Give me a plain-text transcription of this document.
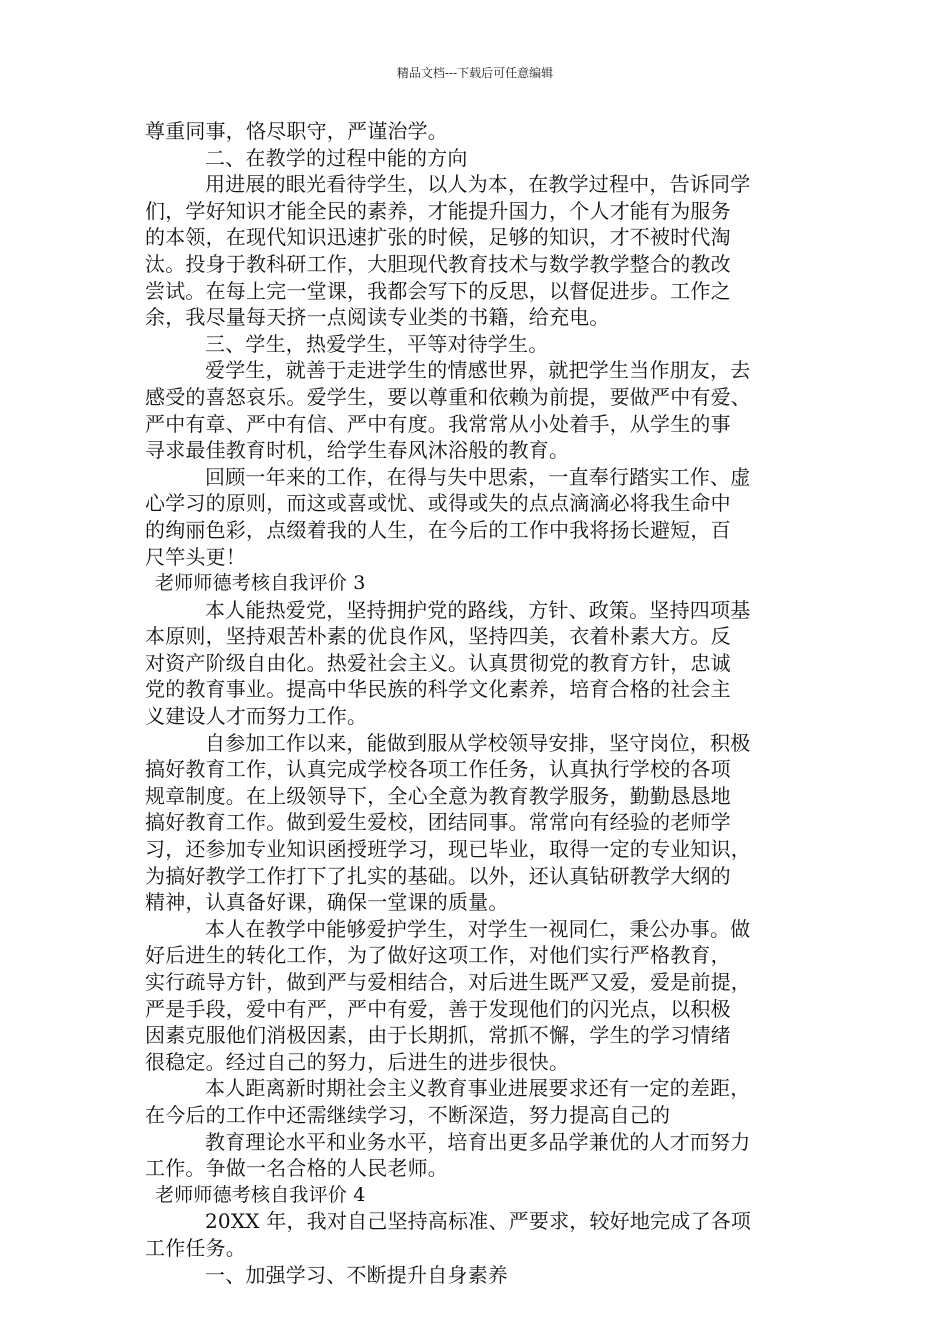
精品文档---下载后可任意编辑
尊重同事，恪尽职守，严谨治学。
二、在教学的过程中能的方向
用进展的眼光看待学生，以人为本，在教学过程中，告诉同学
们，学好知识才能全民的素养，才能提升国力，个人才能有为服务
的本领，在现代知识迅速扩张的时候，足够的知识，才不被时代淘
汰。投身于教科研工作，大胆现代教育技术与数学教学整合的教改
尝试。在每上完一堂课，我都会写下的反思，以督促进步。工作之
余，我尽量每天挤一点阅读专业类的书籍，给充电。
三、学生，热爱学生，平等对待学生。
爱学生，就善于走进学生的情感世界，就把学生当作朋友，去
感受的喜怒哀乐。爱学生，要以尊重和依赖为前提，要做严中有爱、
严中有章、严中有信、严中有度。我常常从小处着手，从学生的事
寻求最佳教育时机，给学生春风沐浴般的教育。
回顾一年来的工作，在得与失中思索，一直奉行踏实工作、虚
心学习的原则，而这或喜或忧、或得或失的点点滴滴必将我生命中
的绚丽色彩，点缀着我的人生，在今后的工作中我将扬长避短，百
尺竿头更！
老师师德考核自我评价 3
本人能热爱党，坚持拥护党的路线，方针、政策。坚持四项基
本原则，坚持艰苦朴素的优良作风，坚持四美，衣着朴素大方。反
对资产阶级自由化。热爱社会主义。认真贯彻党的教育方针，忠诚
党的教育事业。提高中华民族的科学文化素养，培育合格的社会主
义建设人才而努力工作。
自参加工作以来，能做到服从学校领导安排，坚守岗位，积极
搞好教育工作，认真完成学校各项工作任务，认真执行学校的各项
规章制度。在上级领导下，全心全意为教育教学服务，勤勤恳恳地
搞好教育工作。做到爱生爱校，团结同事。常常向有经验的老师学
习，还参加专业知识函授班学习，现已毕业，取得一定的专业知识，
为搞好教学工作打下了扎实的基础。以外，还认真钻研教学大纲的
精神，认真备好课，确保一堂课的质量。
本人在教学中能够爱护学生，对学生一视同仁，秉公办事。做
好后进生的转化工作，为了做好这项工作，对他们实行严格教育，
实行疏导方针，做到严与爱相结合，对后进生既严又爱，爱是前提，
严是手段，爱中有严，严中有爱，善于发现他们的闪光点，以积极
因素克服他们消极因素，由于长期抓，常抓不懈，学生的学习情绪
很稳定。经过自己的努力，后进生的进步很快。
本人距离新时期社会主义教育事业进展要求还有一定的差距，
在今后的工作中还需继续学习，不断深造，努力提高自己的
教育理论水平和业务水平，培育出更多品学兼优的人才而努力
工作。争做一名合格的人民老师。
老师师德考核自我评价 4
20XX 年，我对自己坚持高标准、严要求，较好地完成了各项
工作任务。
一、加强学习、不断提升自身素养
